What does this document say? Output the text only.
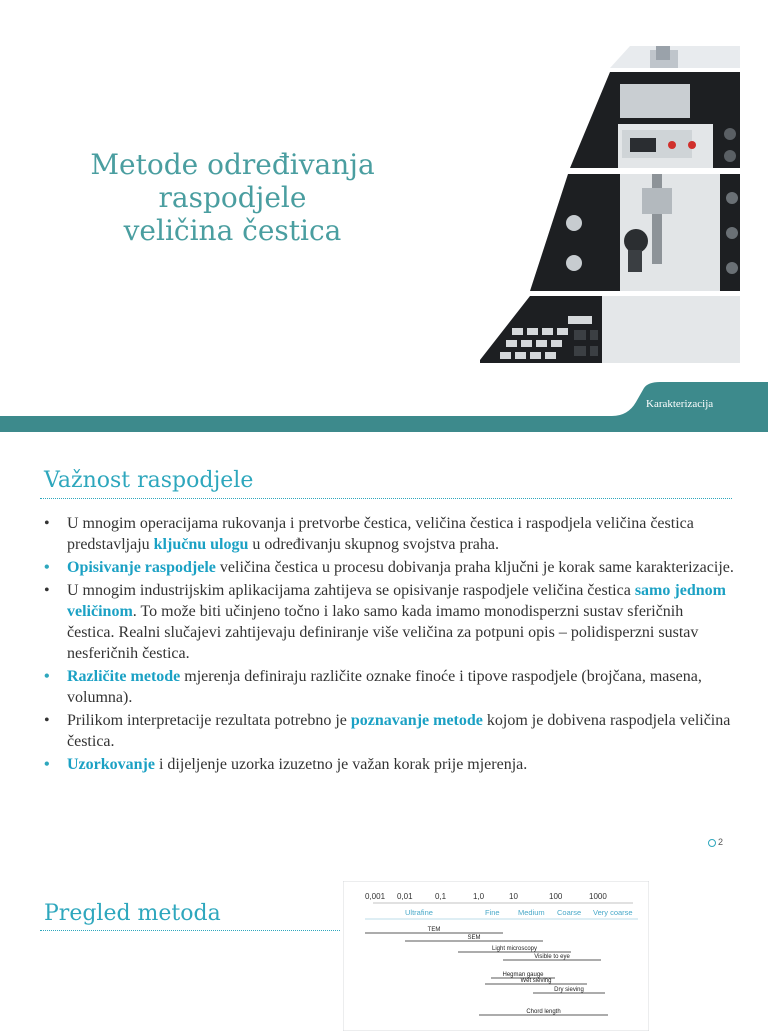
Metode određivanja raspodjele
veličina čestica
Karakterizacija
Važnost raspodjele
• U mnogim operacijama rukovanja i pretvorbe čestica, veličina čestica i raspodjela veličina čestica predstavljaju ključnu ulogu u određivanju skupnog svojstva praha.
• Opisivanje raspodjele veličina čestica u procesu dobivanja praha ključni je korak same karakterizacije.
• U mnogim industrijskim aplikacijama zahtijeva se opisivanje raspodjele veličina čestica samo jednom veličinom. To može biti učinjeno točno i lako samo kada imamo monodisperzni sustav sferičnih čestica. Realni slučajevi zahtijevaju definiranje više veličina za potpuni opis – polidisperzni sustav nesferičnih čestica.
• Različite metode mjerenja definiraju različite oznake finoće i tipove raspodjele (brojčana, masena, volumna).
• Prilikom interpretacije rezultata potrebno je poznavanje metode kojom je dobivena raspodjela veličina čestica.
• Uzorkovanje i dijeljenje uzorka izuzetno je važan korak prije mjerenja.
2
Pregled metoda
0,001 0,01	0,1	1,0	10	100	1000
Ultrafine	Fine Medium Coarse Very coarse
TEM
SEM
Light microscopy
Visible to eye
Hegman gauge
Wet sieving
Dry sieving
Chord length
